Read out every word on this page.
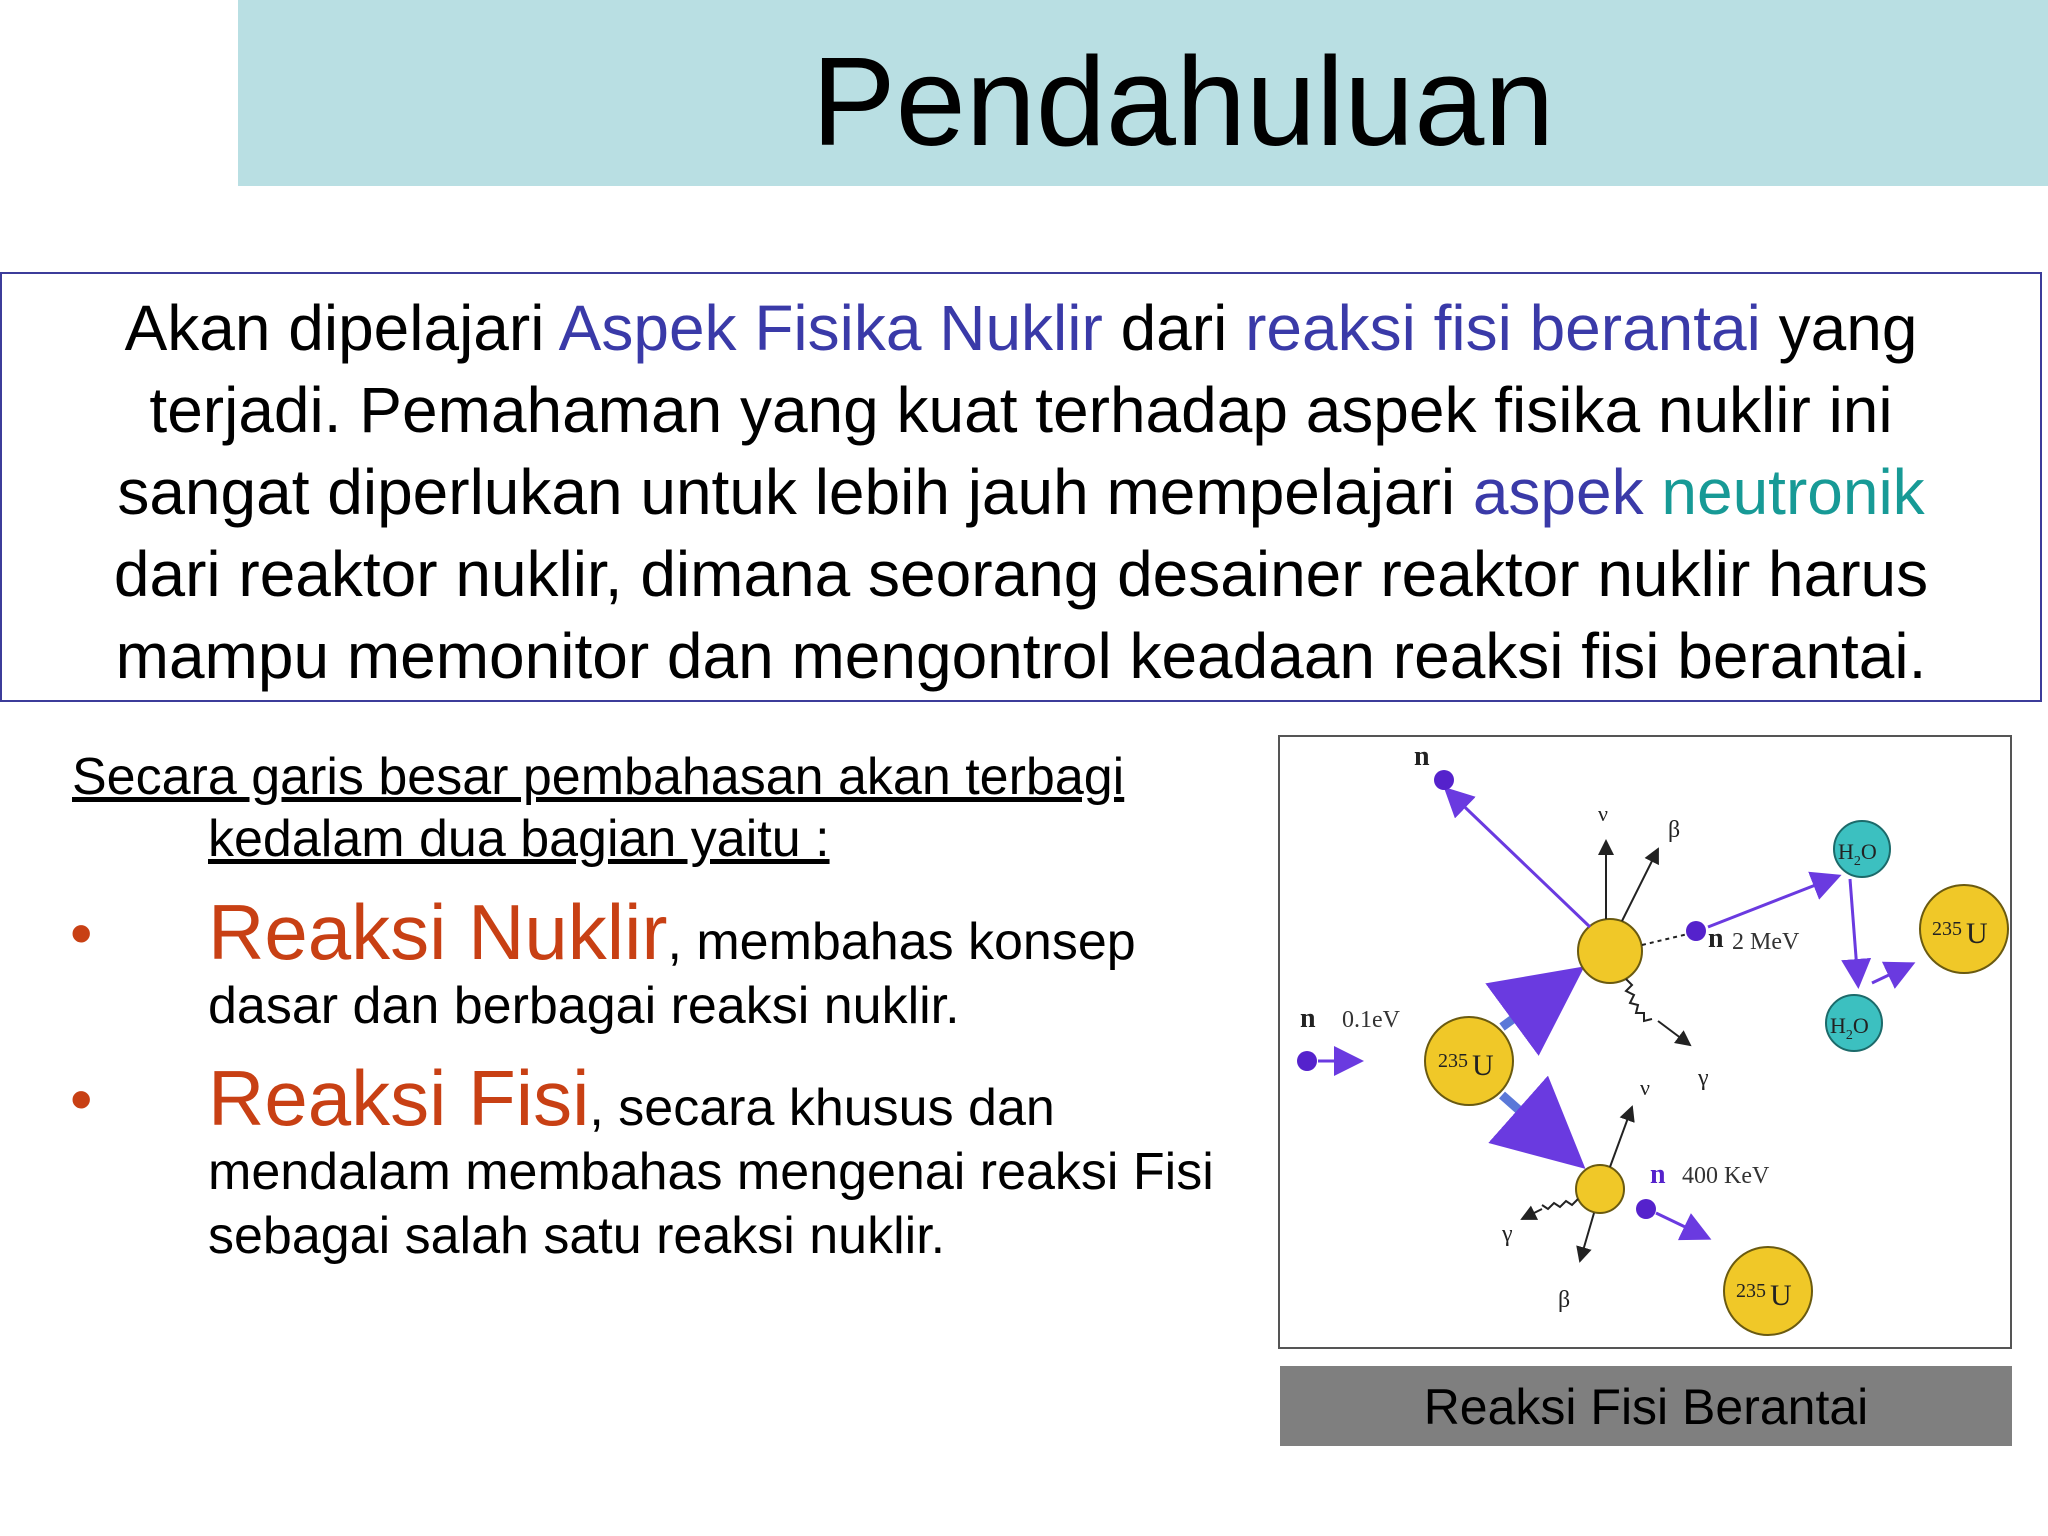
Pendahuluan
Akan dipelajari Aspek Fisika Nuklir dari reaksi fisi berantai yang
terjadi. Pemahaman yang kuat terhadap aspek fisika nuklir ini
sangat diperlukan untuk lebih jauh mempelajari aspek neutronik
dari reaktor nuklir, dimana seorang desainer reaktor nuklir harus
mampu memonitor dan mengontrol keadaan reaksi fisi berantai.
Secara garis besar pembahasan akan terbagi
kedalam dua bagian yaitu :
• Reaksi Nuklir, membahas konsep
dasar dan berbagai reaksi nuklir.
• Reaksi Fisi, secara khusus dan
mendalam membahas mengenai reaksi Fisi sebagai salah satu reaksi nuklir.
n 0.1eV
235 U
n
ν
β
γ
n 2 MeV
$H_2O$
$H_2O$
235 U
ν
β
γ
n 400 KeV
235 U
Reaksi Fisi Berantai
